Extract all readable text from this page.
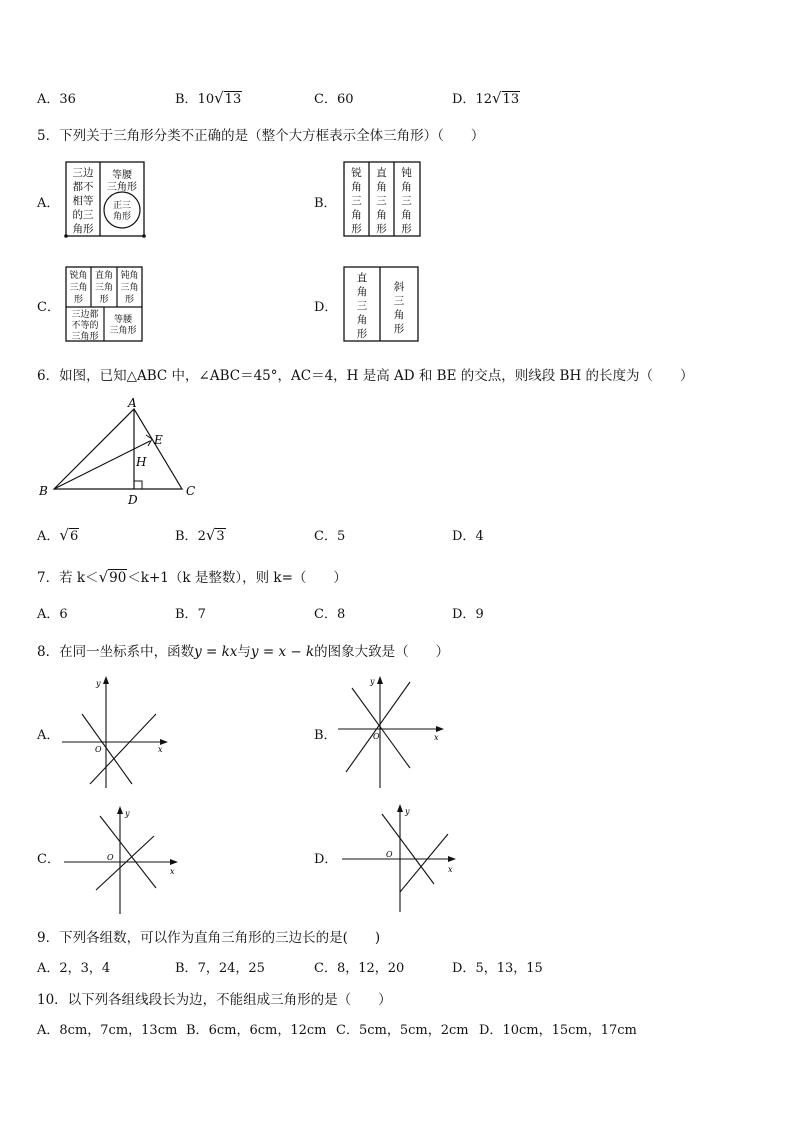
A．36	B．10√13	C．60	D．12√13
5．下列关于三角形分类不正确的是（整个大方框表示全体三角形）（　　）
A．	B．
C．	D．
三边
都不
相等
的三
角形
等腰
三角形
正三
角形
锐
角
三
角
形
直
角
三
角
形
钝
角
三
角
形
锐角
三角
形
直角
三角
形
钝角
三角
形
三边都
不等的
三角形
等腰
三角形
直
角
三
角
形
斜
三
角
形
6．如图，已知△ABC 中，∠ABC＝45°，AC＝4，H 是高 AD 和 BE 的交点，则线段 BH 的长度为（　　）
A
B	C
D
E
H
A．√6	B．2√3	C．5	D．4
7．若 k＜√90＜k+1（k 是整数），则 k=（　　）
A．6	B．7	C．8	D．9
8．在同一坐标系中，函数y = kx与y = x − k的图象大致是（　　）
A．	B．
C．	D．
y
x
O
y
x
O
y
x
O
y
x
O
9．下列各组数，可以作为直角三角形的三边长的是(　　)
A．2，3，4	B．7，24，25	C．8，12，20	D．5，13，15
10．以下列各组线段长为边，不能组成三角形的是（　　）
A．8cm，7cm，13cm B．6cm，6cm，12cm C．5cm，5cm，2cm D．10cm，15cm，17cm
